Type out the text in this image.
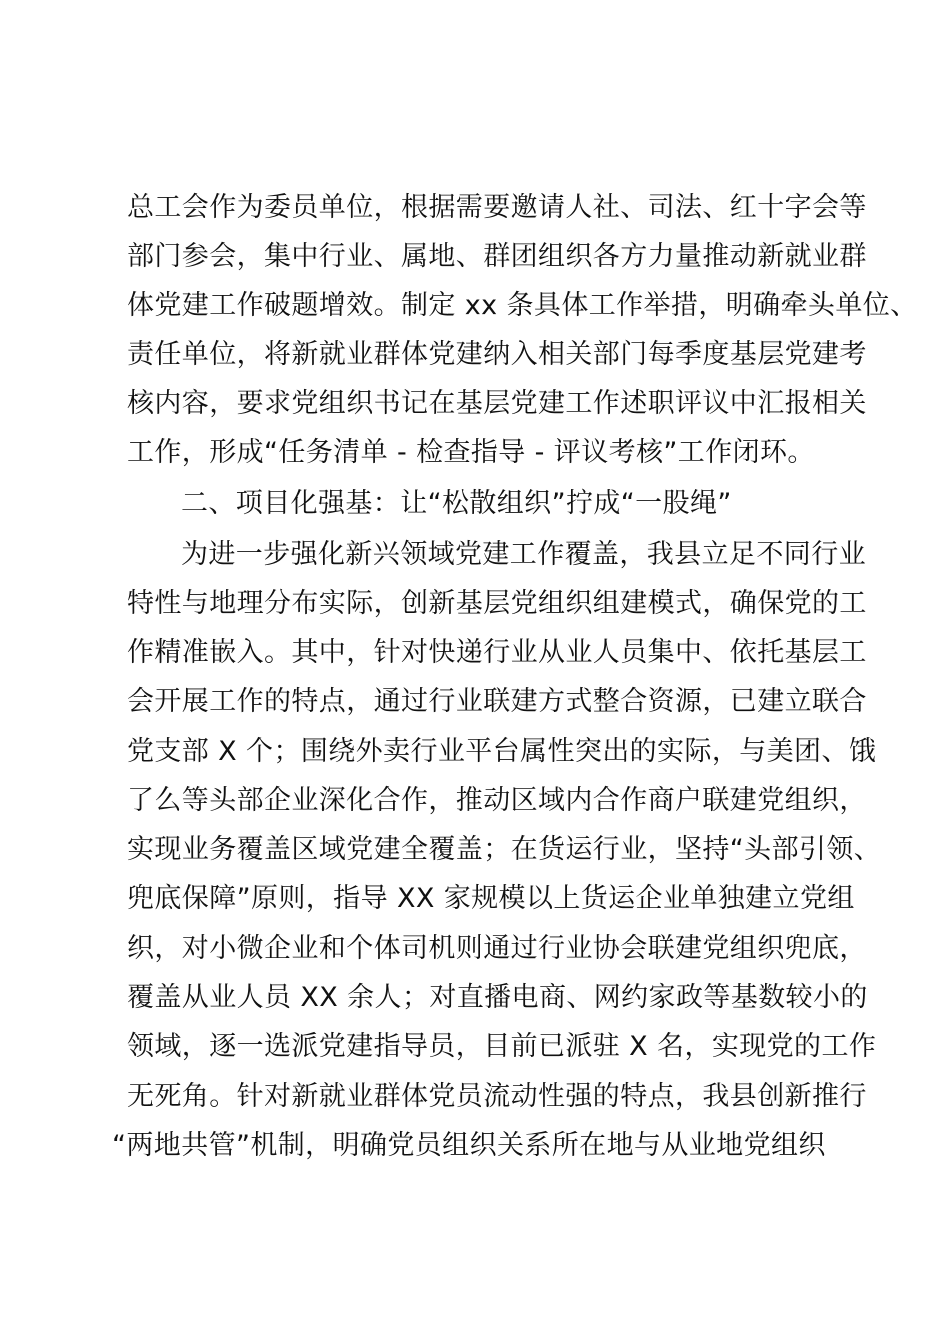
总工会作为委员单位，根据需要邀请人社、司法、红十字会等
部门参会，集中行业、属地、群团组织各方力量推动新就业群
体党建工作破题增效。制定 xx 条具体工作举措，明确牵头单位、
责任单位，将新就业群体党建纳入相关部门每季度基层党建考
核内容，要求党组织书记在基层党建工作述职评议中汇报相关
工作，形成“任务清单 - 检查指导 - 评议考核”工作闭环。
二、项目化强基：让“松散组织”拧成“一股绳”
为进一步强化新兴领域党建工作覆盖，我县立足不同行业
特性与地理分布实际，创新基层党组织组建模式，确保党的工
作精准嵌入。其中，针对快递行业从业人员集中、依托基层工
会开展工作的特点，通过行业联建方式整合资源，已建立联合
党支部 X 个；围绕外卖行业平台属性突出的实际，与美团、饿
了么等头部企业深化合作，推动区域内合作商户联建党组织，
实现业务覆盖区域党建全覆盖；在货运行业，坚持“头部引领、
兜底保障”原则，指导 XX 家规模以上货运企业单独建立党组
织，对小微企业和个体司机则通过行业协会联建党组织兜底，
覆盖从业人员 XX 余人；对直播电商、网约家政等基数较小的
领域，逐一选派党建指导员，目前已派驻 X 名，实现党的工作
无死角。针对新就业群体党员流动性强的特点，我县创新推行
“两地共管”机制，明确党员组织关系所在地与从业地党组织
